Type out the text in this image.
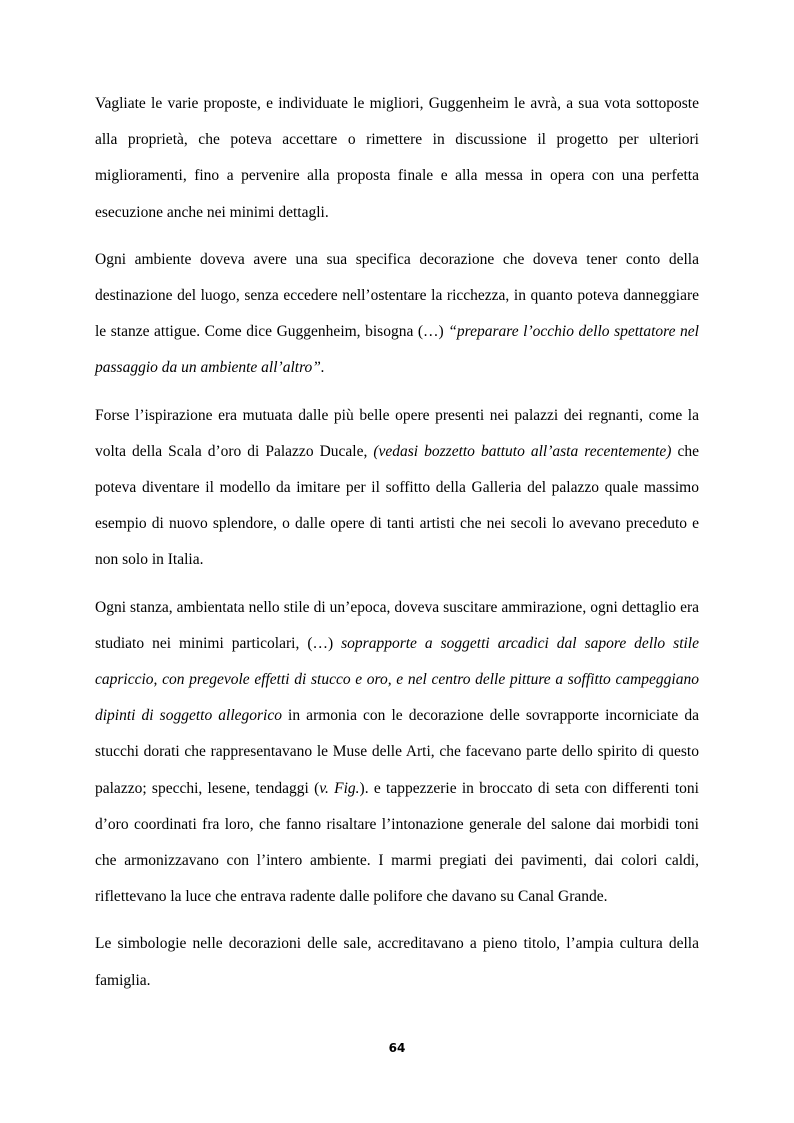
Vagliate le varie proposte, e individuate le migliori, Guggenheim le avrà, a sua vota sottoposte alla proprietà, che poteva accettare o rimettere in discussione il progetto per ulteriori miglioramenti, fino a pervenire alla proposta finale e alla messa in opera con una perfetta esecuzione anche nei minimi dettagli.

Ogni ambiente doveva avere una sua specifica decorazione che doveva tener conto della destinazione del luogo, senza eccedere nell’ostentare la ricchezza, in quanto poteva danneggiare le stanze attigue. Come dice Guggenheim, bisogna (…) “preparare l’occhio dello spettatore nel passaggio da un ambiente all’altro”.

Forse l’ispirazione era mutuata dalle più belle opere presenti nei palazzi dei regnanti, come la volta della Scala d’oro di Palazzo Ducale, (vedasi bozzetto battuto all’asta recentemente) che poteva diventare il modello da imitare per il soffitto della Galleria del palazzo quale massimo esempio di nuovo splendore, o dalle opere di tanti artisti che nei secoli lo avevano preceduto e non solo in Italia.

Ogni stanza, ambientata nello stile di un’epoca, doveva suscitare ammirazione, ogni dettaglio era studiato nei minimi particolari, (…) soprapporte a soggetti arcadici dal sapore dello stile capriccio, con pregevole effetti di stucco e oro, e nel centro delle pitture a soffitto campeggiano dipinti di soggetto allegorico in armonia con le decorazione delle sovrapporte incorniciate da stucchi dorati che rappresentavano le Muse delle Arti, che facevano parte dello spirito di questo palazzo; specchi, lesene, tendaggi (v. Fig.). e tappezzerie in broccato di seta con differenti toni d’oro coordinati fra loro, che fanno risaltare l’intonazione generale del salone dai morbidi toni che armonizzavano con l’intero ambiente. I marmi pregiati dei pavimenti, dai colori caldi, riflettevano la luce che entrava radente dalle polifore che davano su Canal Grande.

Le simbologie nelle decorazioni delle sale, accreditavano a pieno titolo, l’ampia cultura della famiglia.

64
